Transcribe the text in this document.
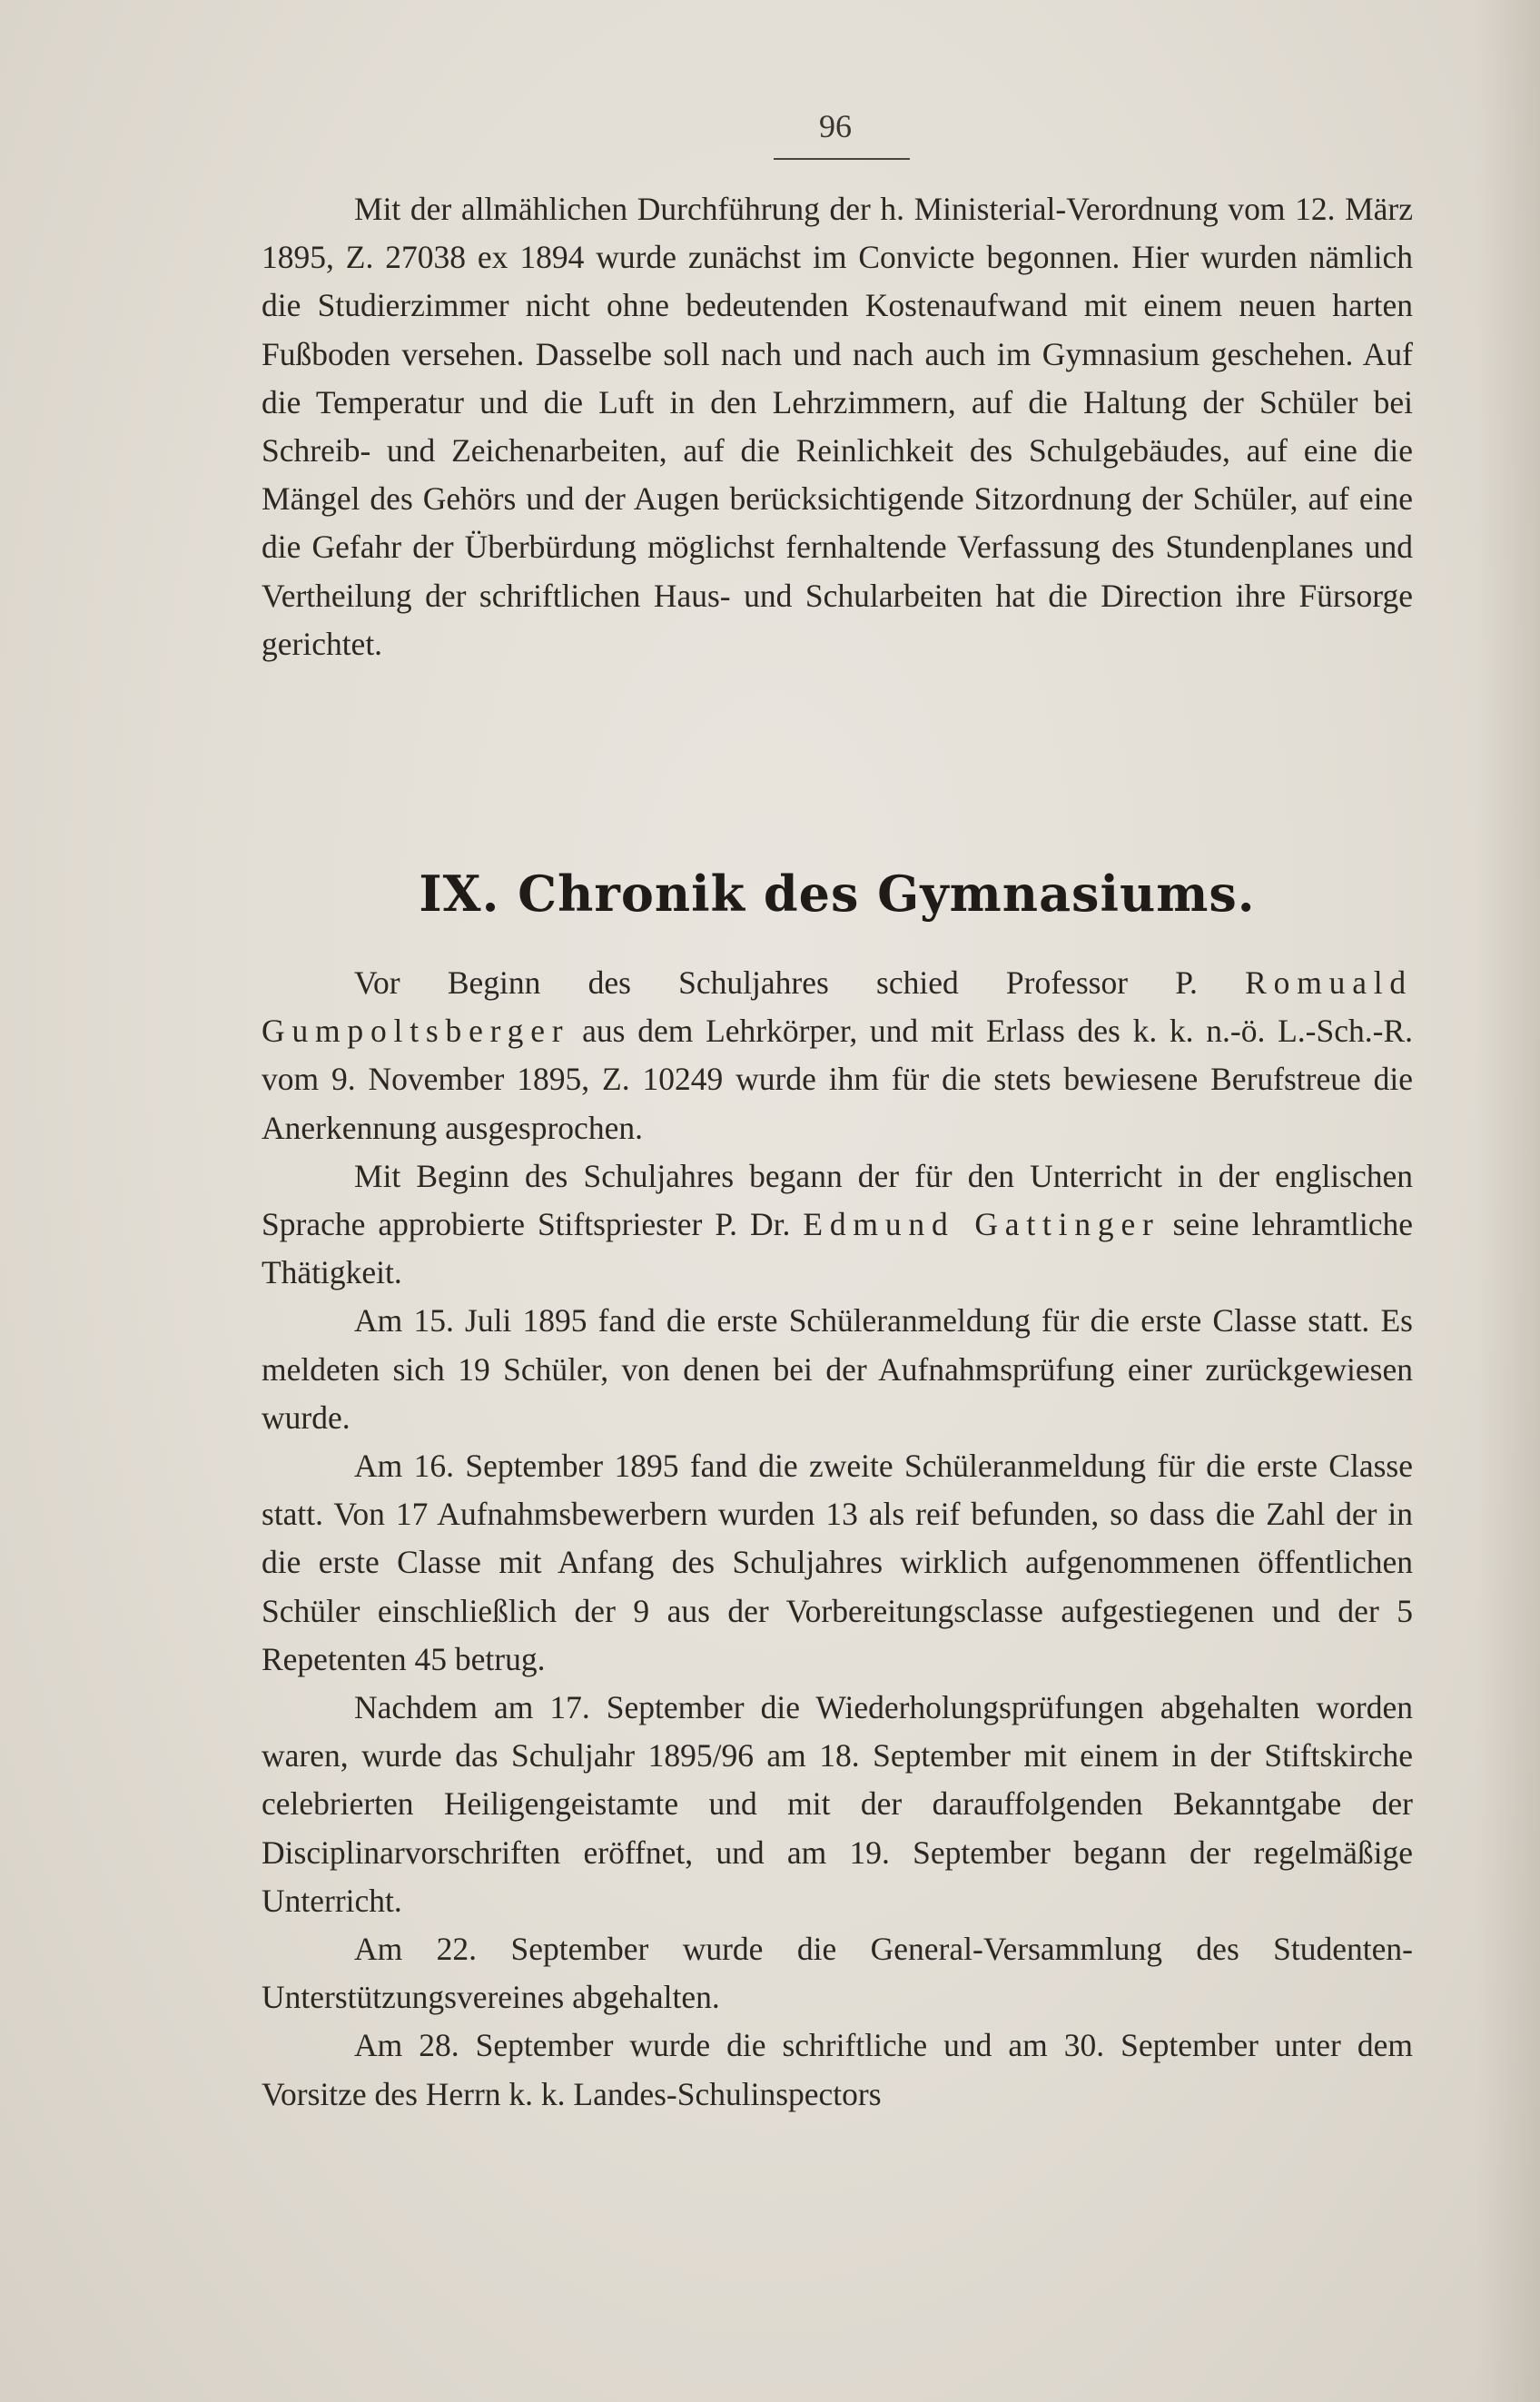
96

Mit der allmählichen Durchführung der h. Ministerial-Verordnung vom 12. März 1895, Z. 27038 ex 1894 wurde zunächst im Convicte begonnen. Hier wurden nämlich die Studierzimmer nicht ohne bedeutenden Kostenaufwand mit einem neuen harten Fußboden versehen. Dasselbe soll nach und nach auch im Gymnasium geschehen. Auf die Temperatur und die Luft in den Lehrzimmern, auf die Haltung der Schüler bei Schreib- und Zeichenarbeiten, auf die Reinlichkeit des Schulgebäudes, auf eine die Mängel des Gehörs und der Augen berücksichtigende Sitzordnung der Schüler, auf eine die Gefahr der Überbürdung möglichst fernhaltende Verfassung des Stundenplanes und Vertheilung der schriftlichen Haus- und Schularbeiten hat die Direction ihre Fürsorge gerichtet.

IX. Chronik des Gymnasiums.

Vor Beginn des Schuljahres schied Professor P. Romuald Gumpoltsberger aus dem Lehrkörper, und mit Erlass des k. k. n.-ö. L.-Sch.-R. vom 9. November 1895, Z. 10249 wurde ihm für die stets bewiesene Berufstreue die Anerkennung ausgesprochen.

Mit Beginn des Schuljahres begann der für den Unterricht in der englischen Sprache approbierte Stiftspriester P. Dr. Edmund Gattinger seine lehramtliche Thätigkeit.

Am 15. Juli 1895 fand die erste Schüleranmeldung für die erste Classe statt. Es meldeten sich 19 Schüler, von denen bei der Aufnahmsprüfung einer zurückgewiesen wurde.

Am 16. September 1895 fand die zweite Schüleranmeldung für die erste Classe statt. Von 17 Aufnahmsbewerbern wurden 13 als reif befunden, so dass die Zahl der in die erste Classe mit Anfang des Schuljahres wirklich aufgenommenen öffentlichen Schüler einschließlich der 9 aus der Vorbereitungsclasse aufgestiegenen und der 5 Repetenten 45 betrug.

Nachdem am 17. September die Wiederholungsprüfungen abgehalten worden waren, wurde das Schuljahr 1895/96 am 18. September mit einem in der Stiftskirche celebrierten Heiligengeistamte und mit der darauffolgenden Bekanntgabe der Disciplinarvorschriften eröffnet, und am 19. September begann der regelmäßige Unterricht.

Am 22. September wurde die General-Versammlung des Studenten-Unterstützungsvereines abgehalten.

Am 28. September wurde die schriftliche und am 30. September unter dem Vorsitze des Herrn k. k. Landes-Schulinspectors
